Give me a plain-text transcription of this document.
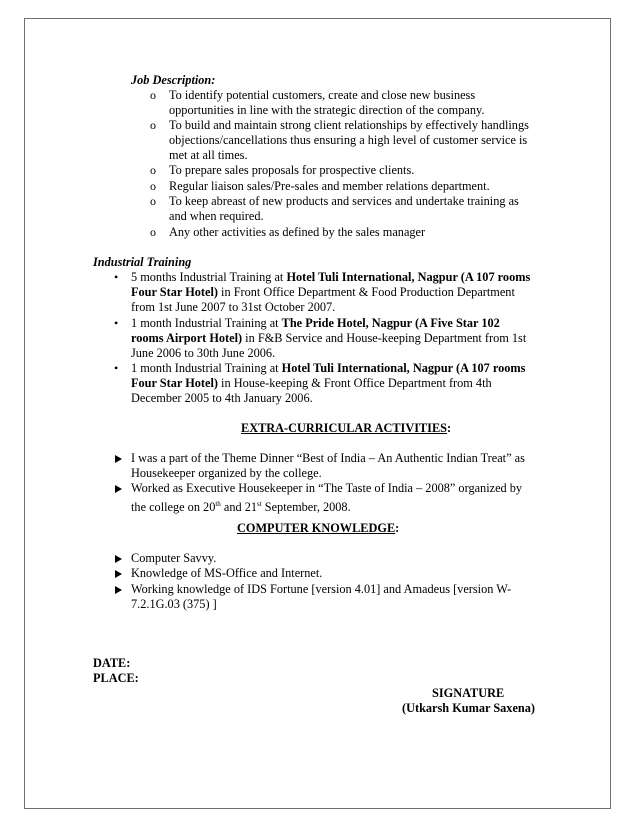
Job Description:
o To identify potential customers, create and close new business
opportunities in line with the strategic direction of the company.
o To build and maintain strong client relationships by effectively handlings
objections/cancellations thus ensuring a high level of customer service is
met at all times.
o To prepare sales proposals for prospective clients.
o Regular liaison sales/Pre-sales and member relations department.
o To keep abreast of new products and services and undertake training as
and when required.
o Any other activities as defined by the sales manager
Industrial Training
• 5 months Industrial Training at Hotel Tuli International, Nagpur (A 107 rooms
Four Star Hotel) in Front Office Department & Food Production Department
from 1st June 2007 to 31st October 2007.
• 1 month Industrial Training at The Pride Hotel, Nagpur (A Five Star 102
rooms Airport Hotel) in F&B Service and House-keeping Department from 1st
June 2006 to 30th June 2006.
• 1 month Industrial Training at Hotel Tuli International, Nagpur (A 107 rooms
Four Star Hotel) in House-keeping & Front Office Department from 4th
December 2005 to 4th January 2006.
EXTRA-CURRICULAR ACTIVITIES:
I was a part of the Theme Dinner “Best of India – An Authentic Indian Treat” as
Housekeeper organized by the college.
Worked as Executive Housekeeper in “The Taste of India – 2008” organized by
the college on 20th and 21st September, 2008.
COMPUTER KNOWLEDGE:
Computer Savvy.
Knowledge of MS-Office and Internet.
Working knowledge of IDS Fortune [version 4.01] and Amadeus [version W-
7.2.1G.03 (375) ]
DATE:
PLACE:
SIGNATURE
(Utkarsh Kumar Saxena)
